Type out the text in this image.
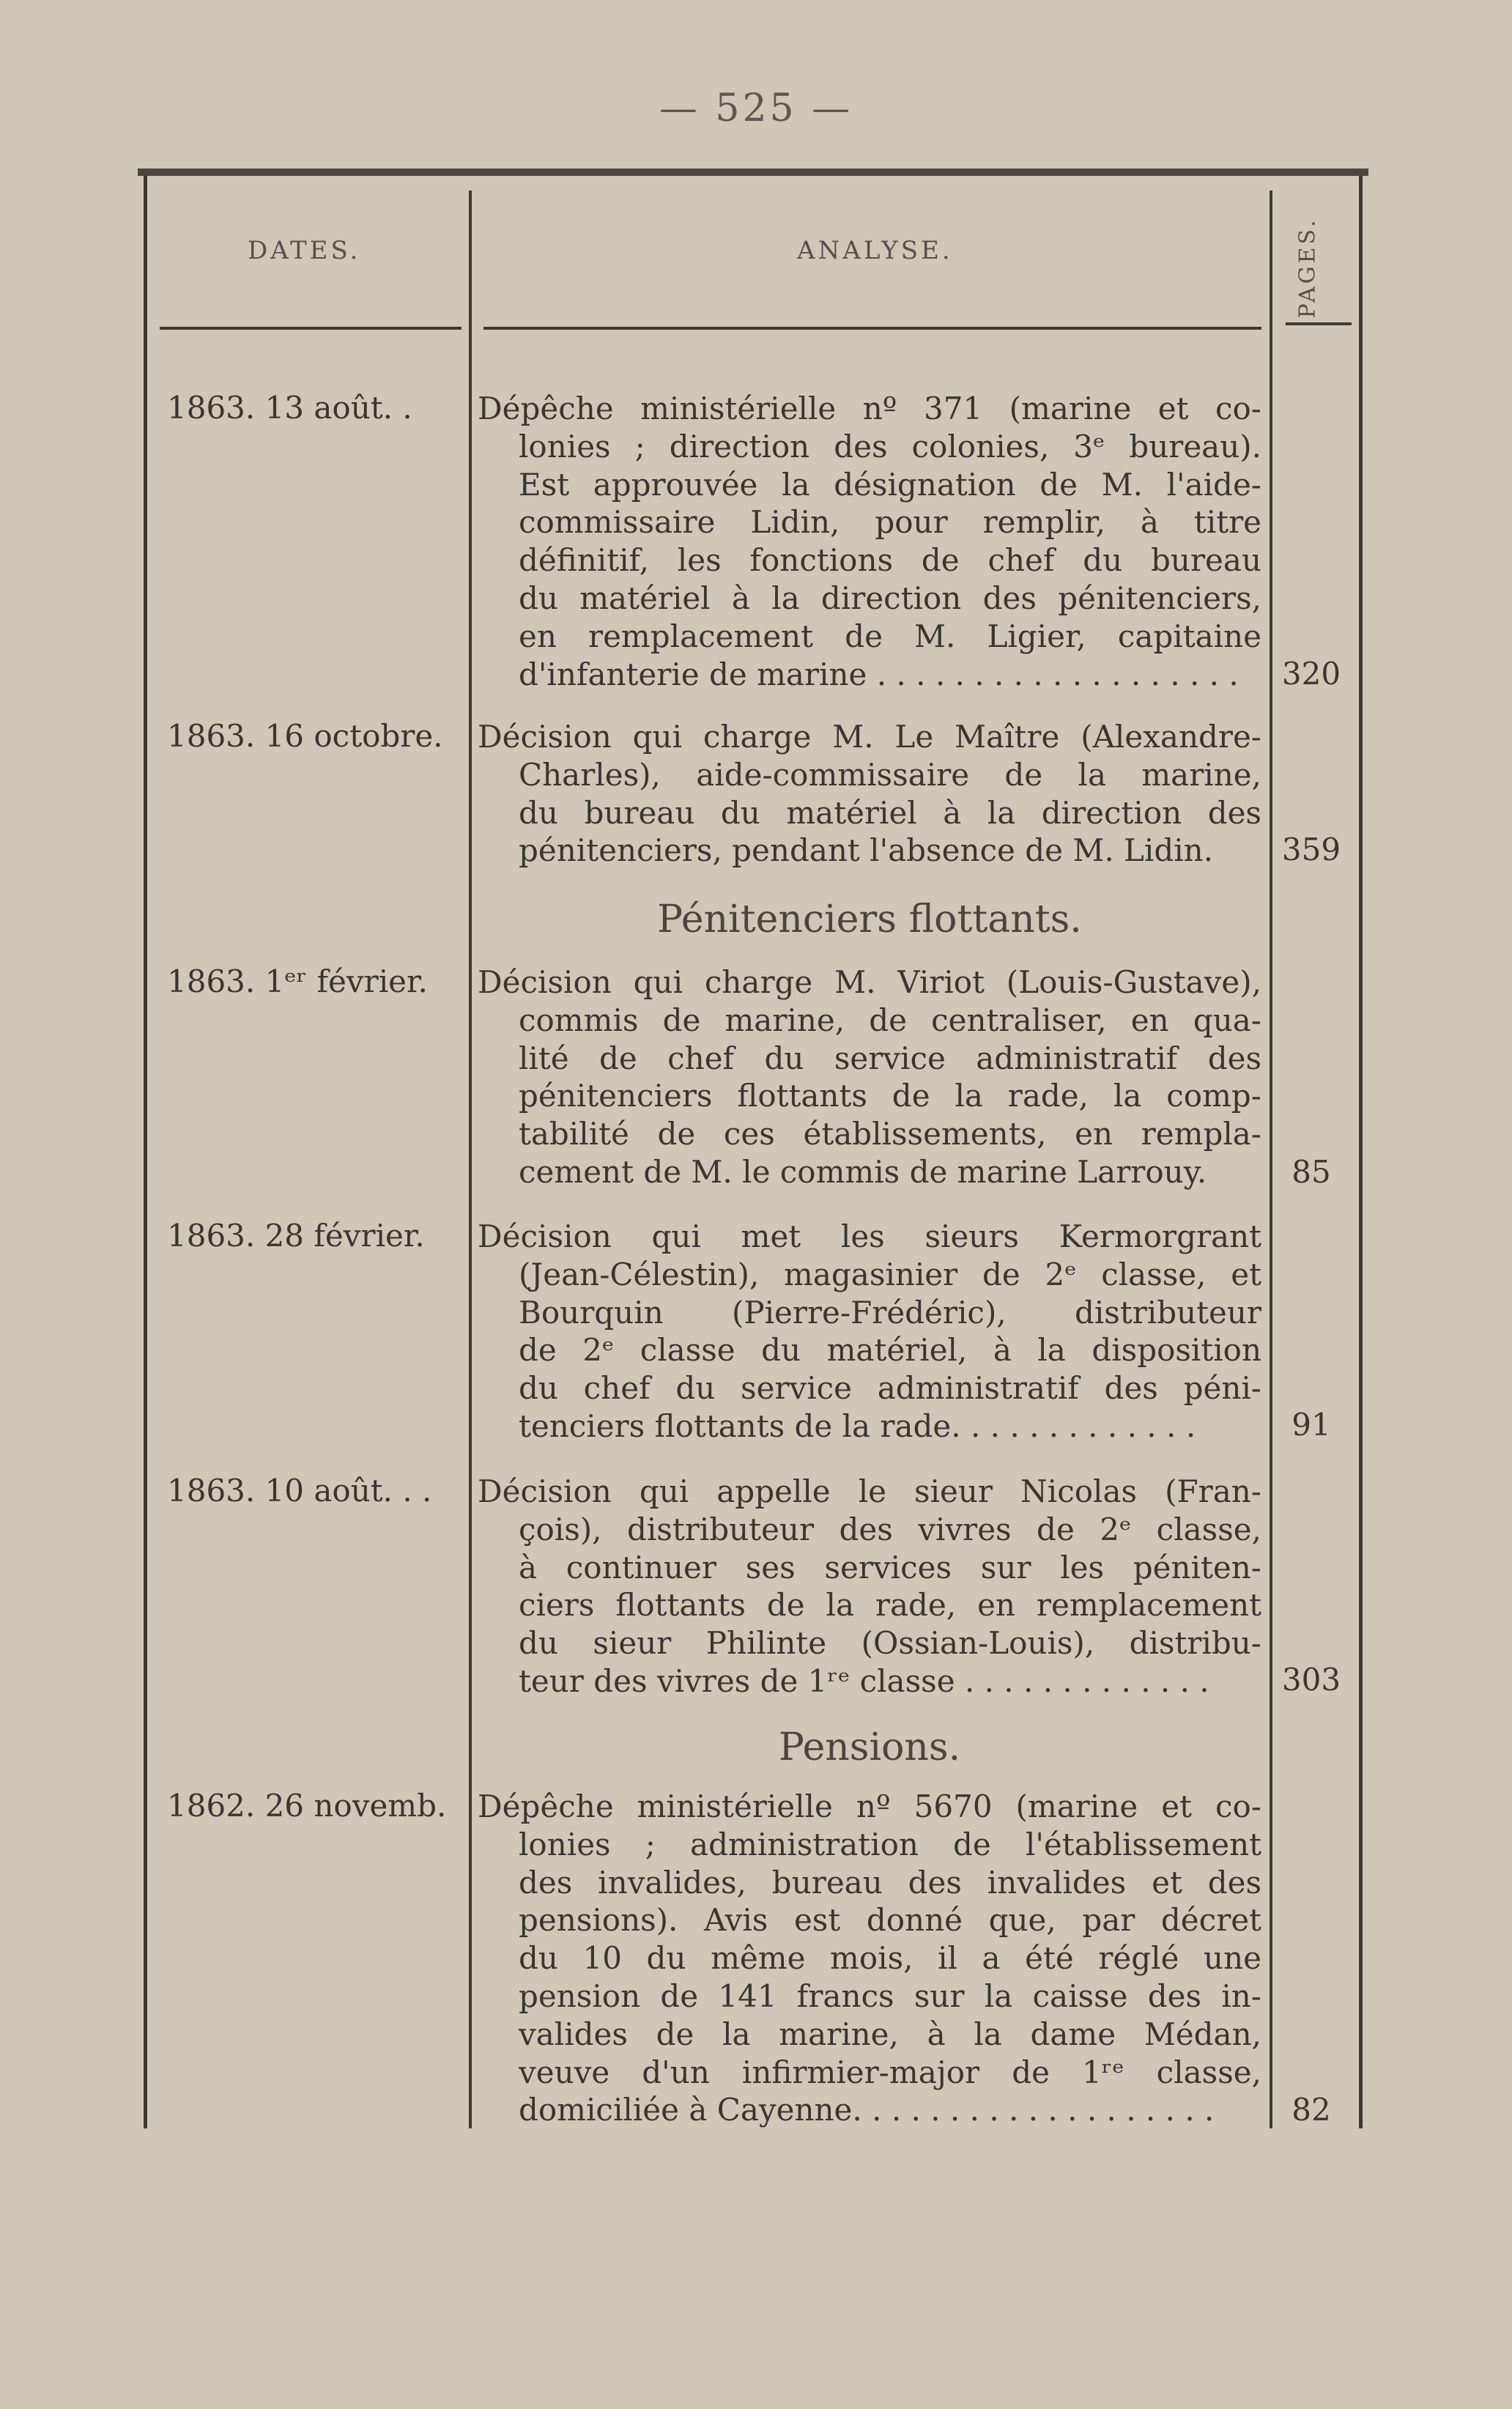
— 525 —
DATES.	ANALYSE.	PAGES.
1863. 13 août. . Dépêche ministérielle nº 371 (marine et co-
lonies ; direction des colonies, 3ᵉ bureau).
Est approuvée la désignation de M. l'aide-
commissaire Lidin, pour remplir, à titre
définitif, les fonctions de chef du bureau
du matériel à la direction des pénitenciers,
en remplacement de M. Ligier, capitaine
d'infanterie de marine . . . . . . . . . . . . . . . . . . .	320
1863. 16 octobre. Décision qui charge M. Le Maître (Alexandre-
Charles), aide-commissaire de la marine,
du bureau du matériel à la direction des
pénitenciers, pendant l'absence de M. Lidin.	359
Pénitenciers flottants.
1863. 1ᵉʳ février. Décision qui charge M. Viriot (Louis-Gustave),
commis de marine, de centraliser, en qua-
lité de chef du service administratif des
pénitenciers flottants de la rade, la comp-
tabilité de ces établissements, en rempla-
cement de M. le commis de marine Larrouy.	85
1863. 28 février. Décision qui met les sieurs Kermorgrant
(Jean-Célestin), magasinier de 2ᵉ classe, et
Bourquin (Pierre-Frédéric), distributeur
de 2ᵉ classe du matériel, à la disposition
du chef du service administratif des péni-
tenciers flottants de la rade. . . . . . . . . . . . .	91
1863. 10 août. . . Décision qui appelle le sieur Nicolas (Fran-
çois), distributeur des vivres de 2ᵉ classe,
à continuer ses services sur les péniten-
ciers flottants de la rade, en remplacement
du sieur Philinte (Ossian-Louis), distribu-
teur des vivres de 1ʳᵉ classe . . . . . . . . . . . . .	303
Pensions.
1862. 26 novemb. Dépêche ministérielle nº 5670 (marine et co-
lonies ; administration de l'établissement
des invalides, bureau des invalides et des
pensions). Avis est donné que, par décret
du 10 du même mois, il a été réglé une
pension de 141 francs sur la caisse des in-
valides de la marine, à la dame Médan,
veuve d'un infirmier-major de 1ʳᵉ classe,
domiciliée à Cayenne. . . . . . . . . . . . . . . . . . .	82
